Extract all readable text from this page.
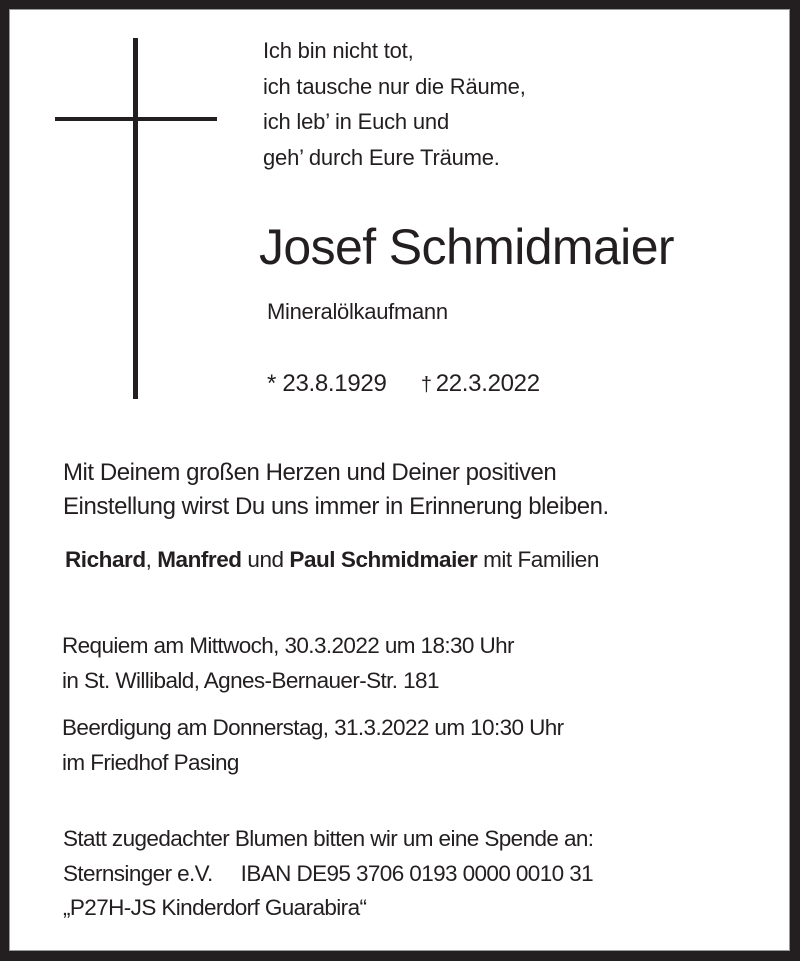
Ich bin nicht tot,
ich tausche nur die Räume,
ich leb’ in Euch und
geh’ durch Eure Träume.
Josef Schmidmaier
Mineralölkaufmann
* 23.8.1929 † 22.3.2022
Mit Deinem großen Herzen und Deiner positiven
Einstellung wirst Du uns immer in Erinnerung bleiben.
Richard, Manfred und Paul Schmidmaier mit Familien
Requiem am Mittwoch, 30.3.2022 um 18:30 Uhr
in St. Willibald, Agnes-Bernauer-Str. 181
Beerdigung am Donnerstag, 31.3.2022 um 10:30 Uhr
im Friedhof Pasing
Statt zugedachter Blumen bitten wir um eine Spende an:
Sternsinger e.V. IBAN DE95 3706 0193 0000 0010 31
„P27H-JS Kinderdorf Guarabira“
